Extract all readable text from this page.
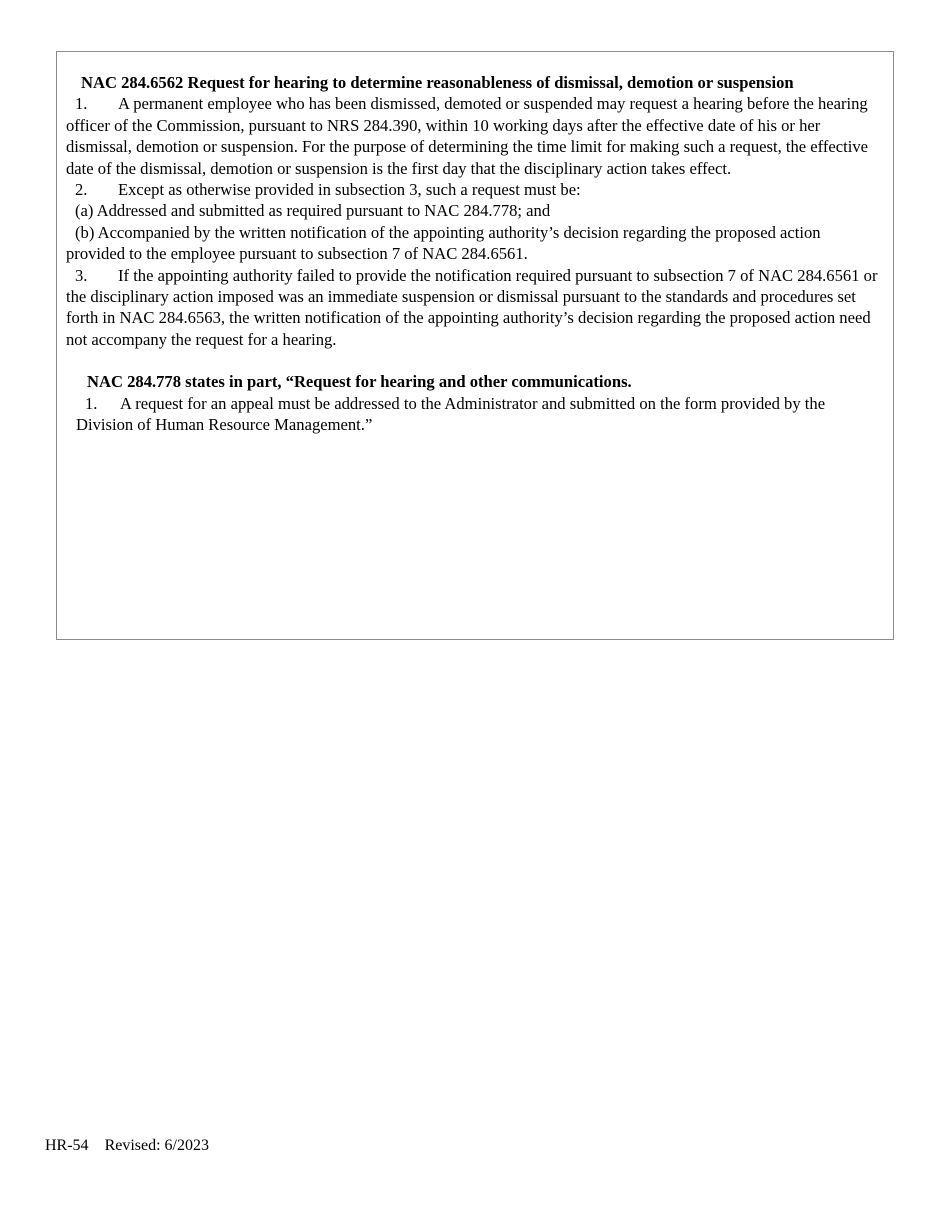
NAC 284.6562 Request for hearing to determine reasonableness of dismissal, demotion or suspension

1. A permanent employee who has been dismissed, demoted or suspended may request a hearing before the hearing officer of the Commission, pursuant to NRS 284.390, within 10 working days after the effective date of his or her dismissal, demotion or suspension. For the purpose of determining the time limit for making such a request, the effective date of the dismissal, demotion or suspension is the first day that the disciplinary action takes effect.

2. Except as otherwise provided in subsection 3, such a request must be:

(a) Addressed and submitted as required pursuant to NAC 284.778; and

(b) Accompanied by the written notification of the appointing authority’s decision regarding the proposed action provided to the employee pursuant to subsection 7 of NAC 284.6561.

3. If the appointing authority failed to provide the notification required pursuant to subsection 7 of NAC 284.6561 or the disciplinary action imposed was an immediate suspension or dismissal pursuant to the standards and procedures set forth in NAC 284.6563, the written notification of the appointing authority’s decision regarding the proposed action need not accompany the request for a hearing.

NAC 284.778 states in part, “Request for hearing and other communications.

1. A request for an appeal must be addressed to the Administrator and submitted on the form provided by the Division of Human Resource Management.”

HR-54 Revised: 6/2023
